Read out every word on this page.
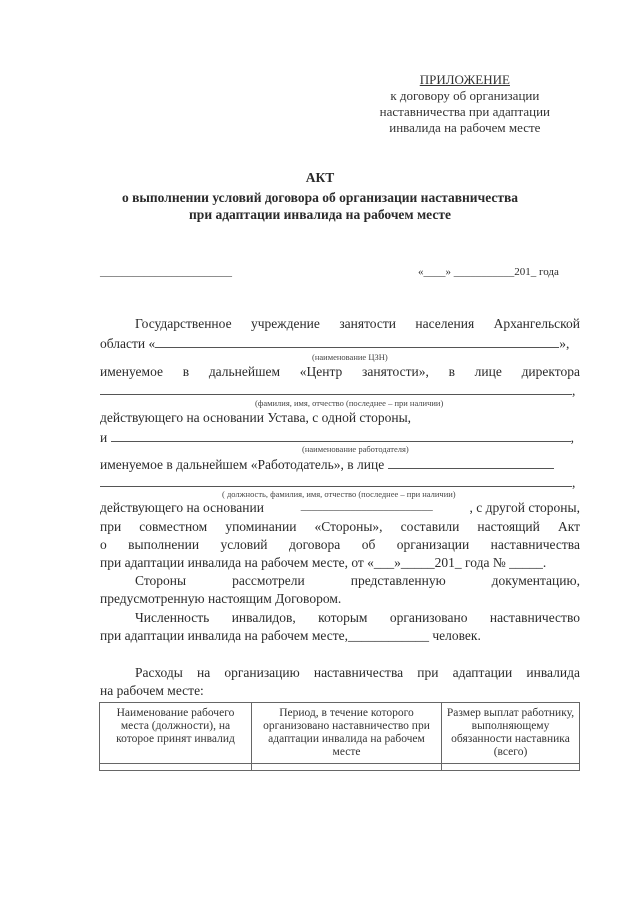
ПРИЛОЖЕНИЕ
к договору об организации
наставничества при адаптации
инвалида на рабочем месте
АКТ
о выполнении условий договора об организации наставничества
при адаптации инвалида на рабочем месте
________________________	«____» ___________201_ года
Государственное учреждение занятости населения Архангельской
области «	»,
(наименование ЦЗН)
именуемое в дальнейшем «Центр занятости», в лице директора
,
(фамилия, имя, отчество (последнее – при наличии)
действующего на основании Устава, с одной стороны,
и	,
(наименование работодателя)
именуемое в дальнейшем «Работодатель», в лице
,
( должность, фамилия, имя, отчество (последнее – при наличии)
действующего на основании	________________________	, с другой стороны,
при совместном упоминании «Стороны», составили настоящий Акт
о выполнении условий договора об организации наставничества
при адаптации инвалида на рабочем месте, от «___»_____201_ года № _____.
Стороны	рассмотрели	представленную	документацию,
предусмотренную настоящим Договором.
Численность инвалидов, которым организовано наставничество
при адаптации инвалида на рабочем месте,____________ человек.
Расходы на организацию наставничества при адаптации инвалида
на рабочем месте:
Наименование рабочего места (должности), на которое принят инвалид	Период, в течение которого организовано наставничество при адаптации инвалида на рабочем месте	Размер выплат работнику, выполняющему обязанности наставника (всего)
